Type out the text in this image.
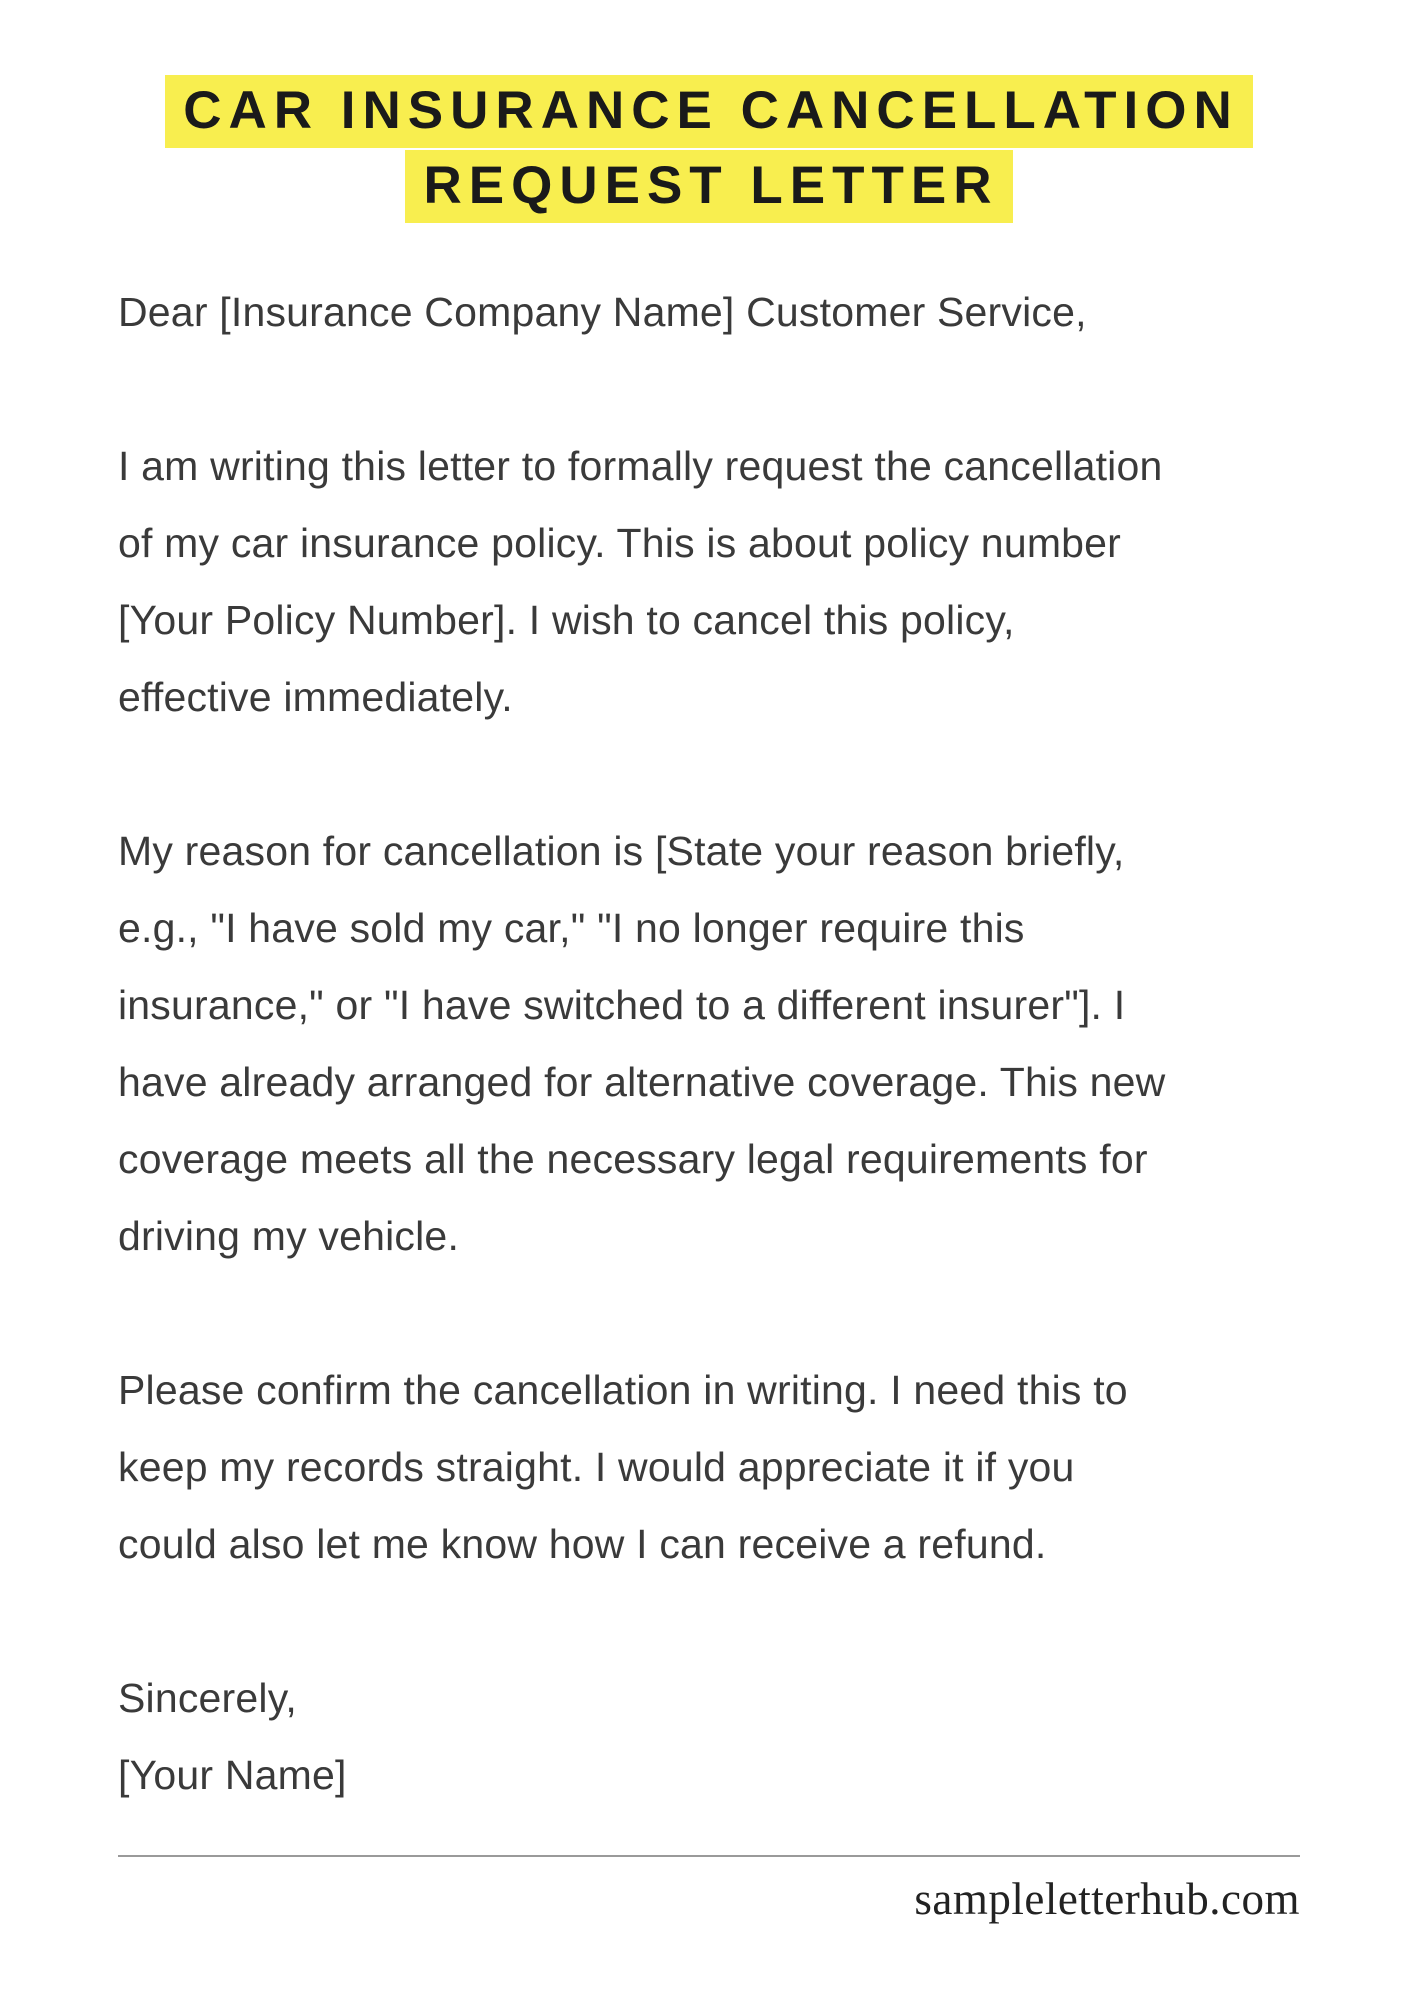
CAR INSURANCE CANCELLATION
REQUEST LETTER

Dear [Insurance Company Name] Customer Service,

I am writing this letter to formally request the cancellation
of my car insurance policy. This is about policy number
[Your Policy Number]. I wish to cancel this policy,
effective immediately.

My reason for cancellation is [State your reason briefly,
e.g., "I have sold my car," "I no longer require this
insurance," or "I have switched to a different insurer"]. I
have already arranged for alternative coverage. This new
coverage meets all the necessary legal requirements for
driving my vehicle.

Please confirm the cancellation in writing. I need this to
keep my records straight. I would appreciate it if you
could also let me know how I can receive a refund.

Sincerely,
[Your Name]

sampleletterhub.com
